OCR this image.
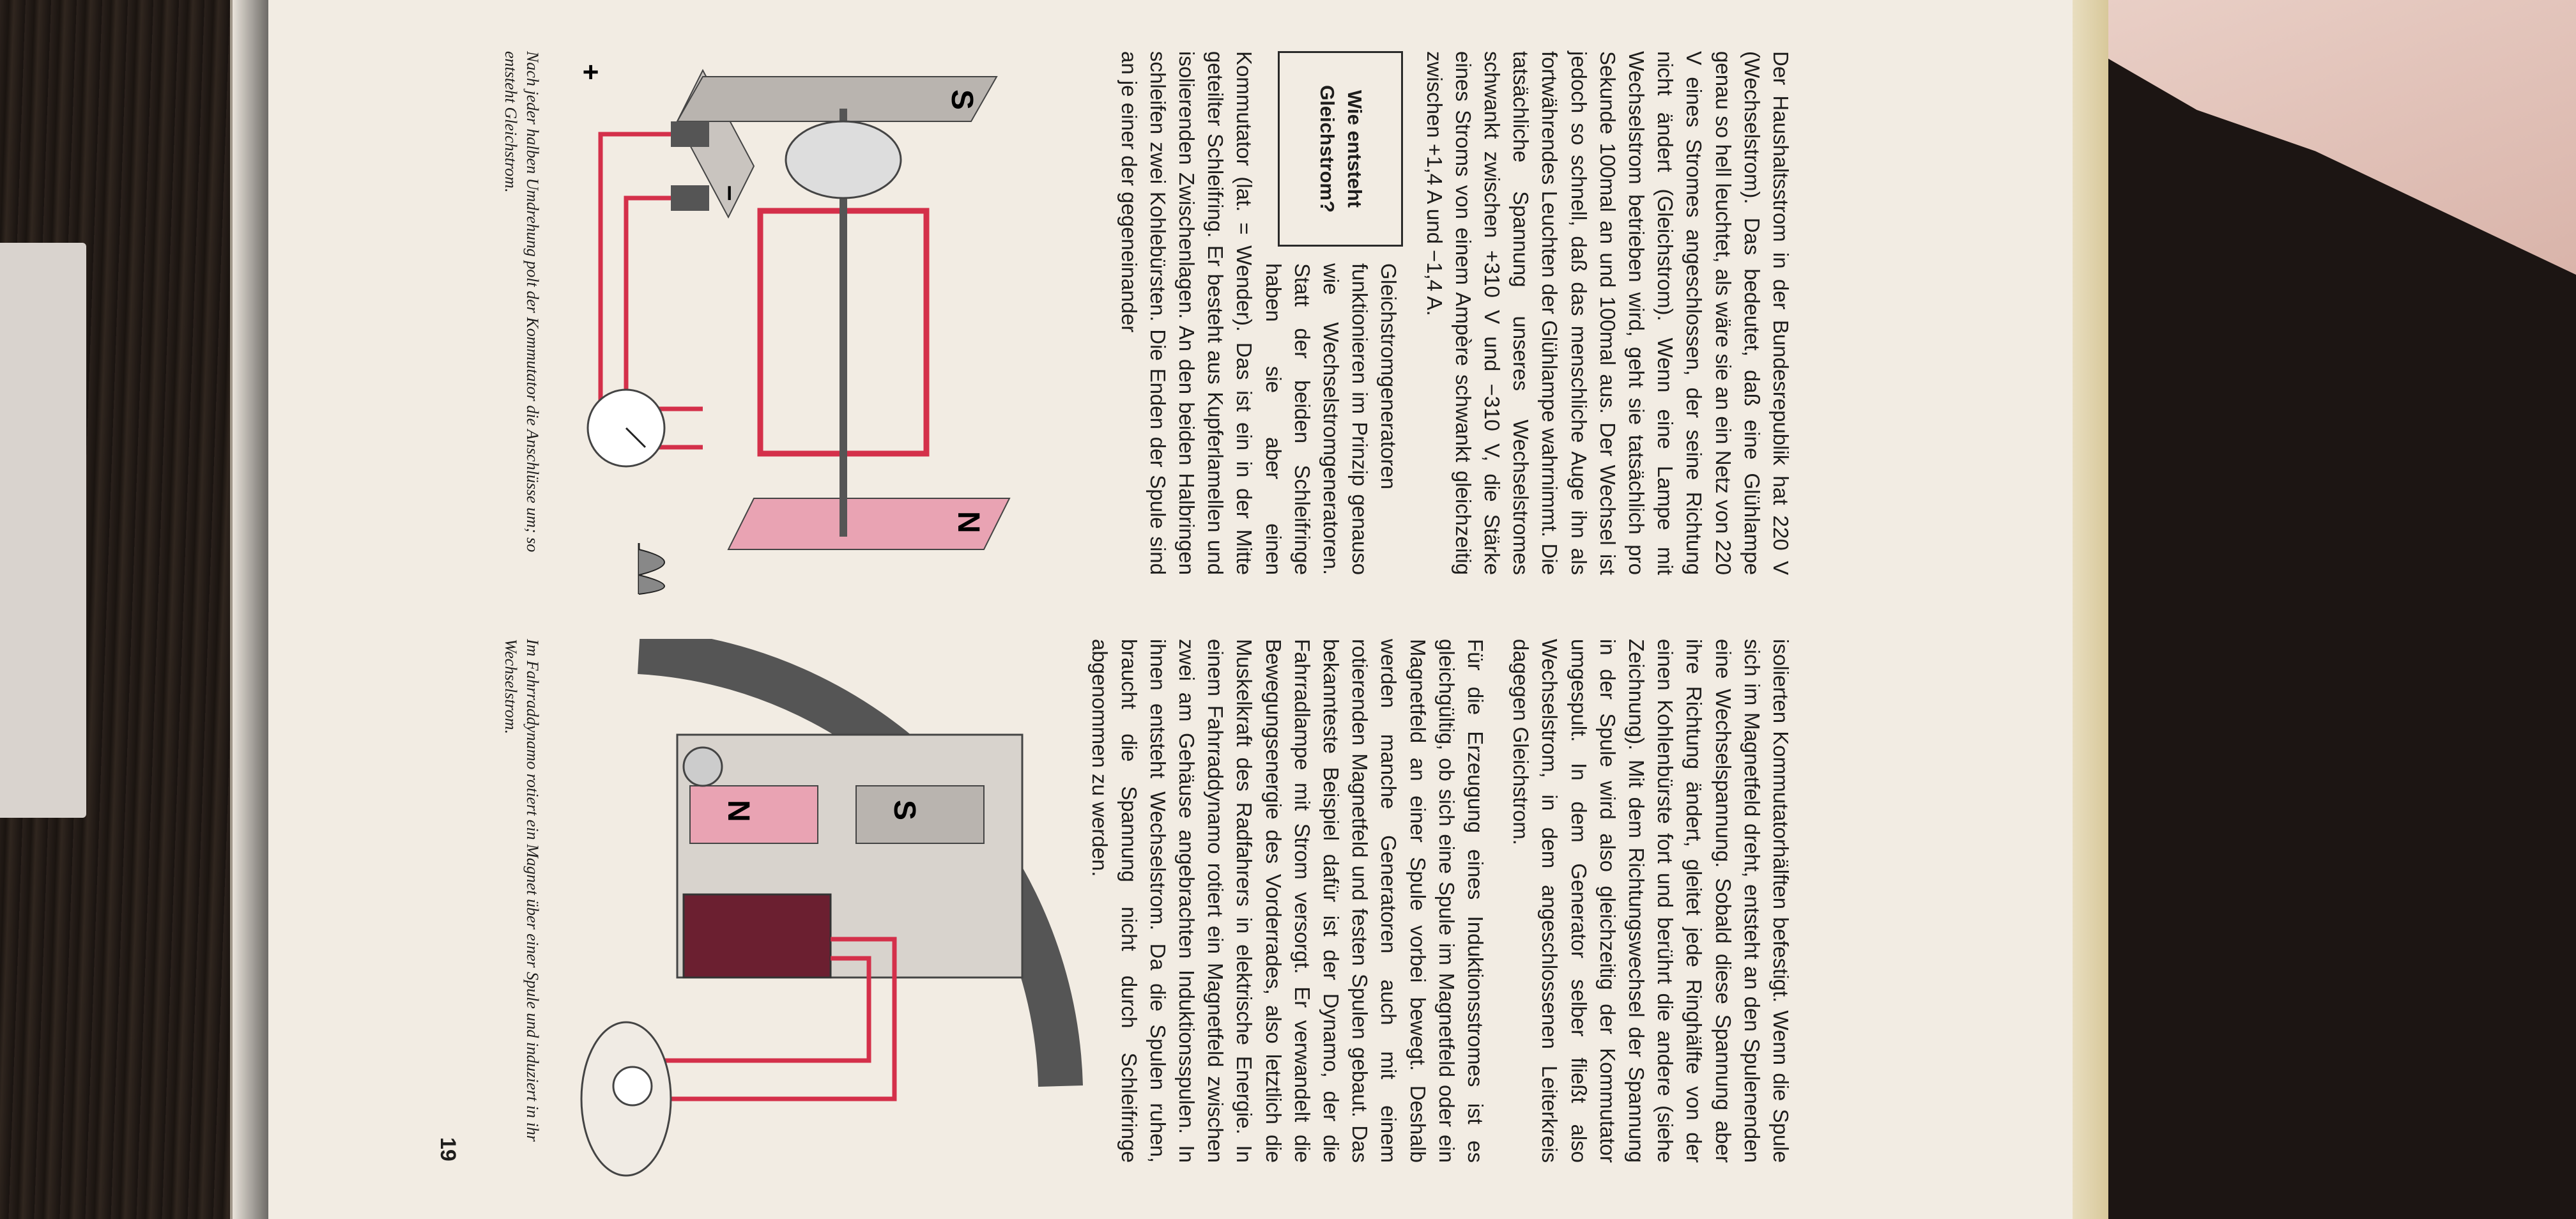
Der Haushaltsstrom in der Bundesrepublik hat 220 V (Wechselstrom). Das bedeutet, daß eine Glühlampe genau so hell leuchtet, als wäre sie an ein Netz von 220 V eines Stromes angeschlossen, der seine Richtung nicht ändert (Gleichstrom). Wenn eine Lampe mit Wechselstrom betrieben wird, geht sie tatsächlich pro Sekunde 100mal an und 100mal aus. Der Wechsel ist jedoch so schnell, daß das menschliche Auge ihn als fortwährendes Leuchten der Glühlampe wahrnimmt. Die tatsächliche Spannung unseres Wechselstromes schwankt zwischen +310 V und −310 V, die Stärke eines Stroms von einem Ampère schwankt gleichzeitig zwischen +1,4 A und −1,4 A.

Wie entsteht Gleichstrom?

Gleichstromgeneratoren funktionieren im Prinzip genauso wie Wechselstromgeneratoren. Statt der beiden Schleifringe haben sie aber einen Kommutator (lat. = Wender). Das ist ein in der Mitte geteilter Schleifring. Er besteht aus Kupferlamellen und isolierenden Zwischenlagen. An den beiden Halbringen schleifen zwei Kohlebürsten. Die Enden der Spule sind an je einer der gegeneinander

isolierten Kommutatorhälften befestigt. Wenn die Spule sich im Magnetfeld dreht, entsteht an den Spulenenden eine Wechselspannung. Sobald diese Spannung aber ihre Richtung ändert, gleitet jede Ringhälfte von der einen Kohlenbürste fort und berührt die andere (siehe Zeichnung). Mit dem Richtungswechsel der Spannung in der Spule wird also gleichzeitig der Kommutator umgespult. In dem Generator selber fließt also Wechselstrom, in dem angeschlossenen Leiterkreis dagegen Gleichstrom.

Für die Erzeugung eines Induktionsstromes ist es gleichgültig, ob sich eine Spule im Magnetfeld oder ein Magnetfeld an einer Spule vorbei bewegt. Deshalb werden manche Generatoren auch mit einem rotierenden Magnetfeld und festen Spulen gebaut. Das bekannteste Beispiel dafür ist der Dynamo, der die Fahrradlampe mit Strom versorgt. Er verwandelt die Bewegungsenergie des Vorderrades, also letztlich die Muskelkraft des Radfahrers in elektrische Energie. In einem Fahrraddynamo rotiert ein Magnetfeld zwischen zwei am Gehäuse angebrachten Induktionsspulen. In ihnen entsteht Wechselstrom. Da die Spulen ruhen, braucht die Spannung nicht durch Schleifringe abgenommen zu werden.

S
N
+
–
Nach jeder halben Umdrehung polt der Kommutator die Anschlüsse um; so entsteht Gleichstrom.
S
N
Im Fahrraddynamo rotiert ein Magnet über einer Spule und induziert in ihr Wechselstrom.
19
